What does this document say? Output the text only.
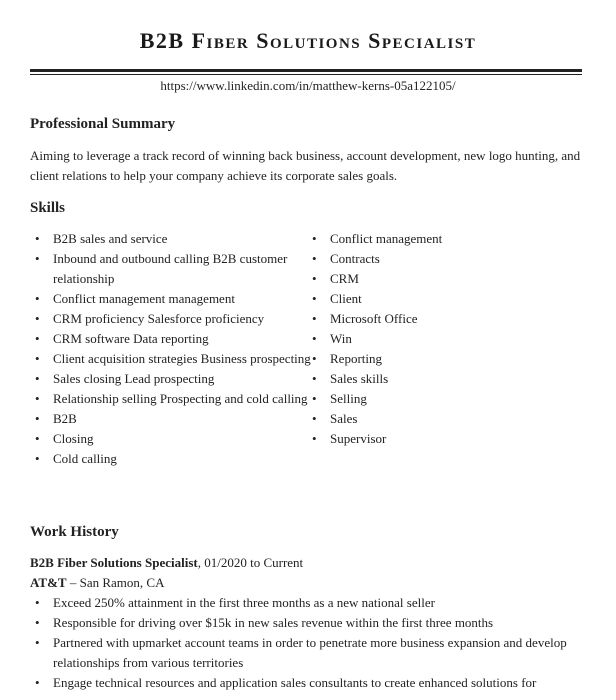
B2B Fiber Solutions Specialist
https://www.linkedin.com/in/matthew-kerns-05a122105/
Professional Summary
Aiming to leverage a track record of winning back business, account development, new logo hunting, and client relations to help your company achieve its corporate sales goals.
Skills
• B2B sales and service
• Inbound and outbound calling B2B customer relationship
• Conflict management management
• CRM proficiency Salesforce proficiency
• CRM software Data reporting
• Client acquisition strategies Business prospecting
• Sales closing Lead prospecting
• Relationship selling Prospecting and cold calling
• B2B
• Closing
• Cold calling
• Conflict management
• Contracts
• CRM
• Client
• Microsoft Office
• Win
• Reporting
• Sales skills
• Selling
• Sales
• Supervisor
Work History
B2B Fiber Solutions Specialist, 01/2020 to Current
AT&T – San Ramon, CA
• Exceed 250% attainment in the first three months as a new national seller
• Responsible for driving over $15k in new sales revenue within the first three months
• Partnered with upmarket account teams in order to penetrate more business expansion and develop relationships from various territories
• Engage technical resources and application sales consultants to create enhanced solutions for
